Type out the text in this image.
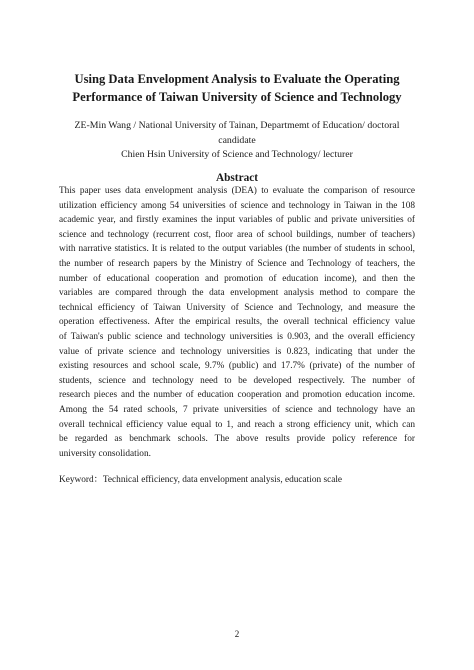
Using Data Envelopment Analysis to Evaluate the Operating
Performance of Taiwan University of Science and Technology
ZE-Min Wang / National University of Tainan, Departmemt of Education/ doctoral
candidate
Chien Hsin University of Science and Technology/ lecturer
Abstract
This paper uses data envelopment analysis (DEA) to evaluate the comparison of resource
utilization efficiency among 54 universities of science and technology in Taiwan in the 108
academic year, and firstly examines the input variables of public and private universities of
science and technology (recurrent cost, floor area of school buildings, number of teachers)
with narrative statistics. It is related to the output variables (the number of students in school,
the number of research papers by the Ministry of Science and Technology of teachers, the
number of educational cooperation and promotion of education income), and then the
variables are compared through the data envelopment analysis method to compare the
technical efficiency of Taiwan University of Science and Technology, and measure the
operation effectiveness. After the empirical results, the overall technical efficiency value
of Taiwan's public science and technology universities is 0.903, and the overall efficiency
value of private science and technology universities is 0.823, indicating that under the
existing resources and school scale, 9.7% (public) and 17.7% (private) of the number of
students, science and technology need to be developed respectively. The number of
research pieces and the number of education cooperation and promotion education income.
Among the 54 rated schools, 7 private universities of science and technology have an
overall technical efficiency value equal to 1, and reach a strong efficiency unit, which can
be regarded as benchmark schools. The above results provide policy reference for
university consolidation.
Keyword：Technical efficiency, data envelopment analysis, education scale
2
